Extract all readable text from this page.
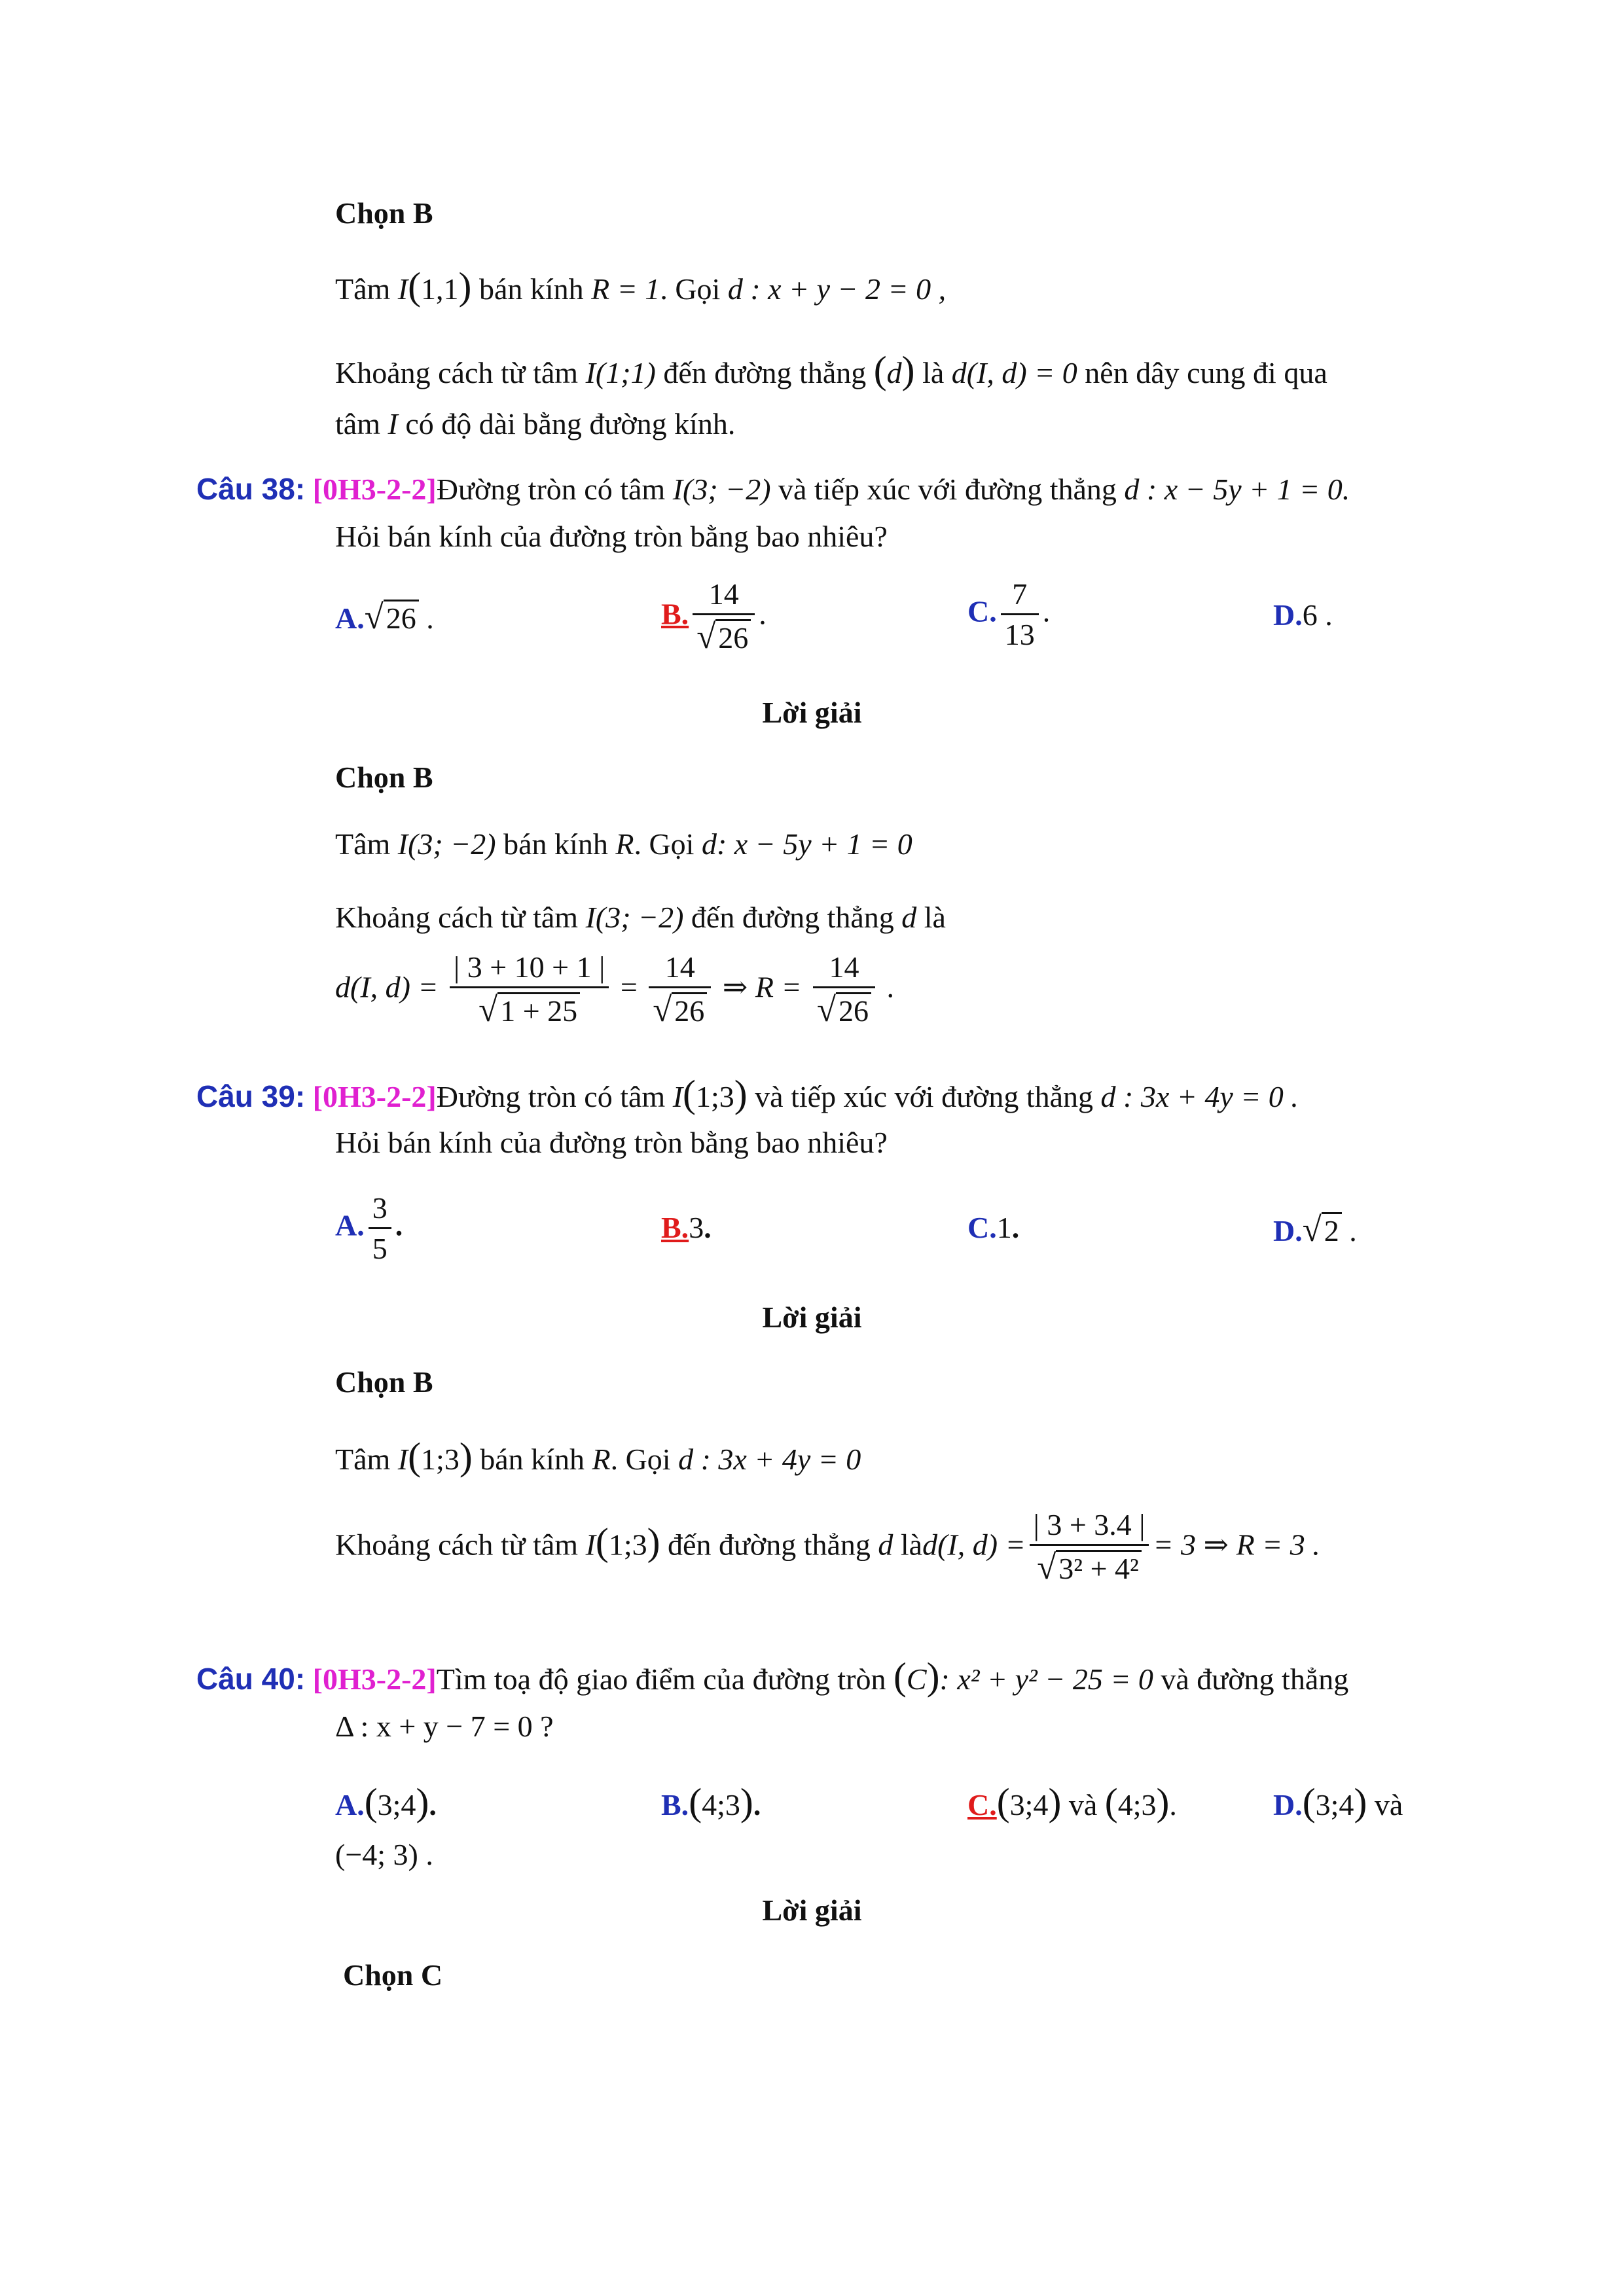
Chọn B
Tâm I(1,1) bán kính R = 1. Gọi d : x + y − 2 = 0 ,
Khoảng cách từ tâm I(1;1) đến đường thẳng (d) là d(I, d) = 0 nên dây cung đi qua
tâm I có độ dài bằng đường kính.
Câu 38: [0H3-2-2]Đường tròn có tâm I(3; −2) và tiếp xúc với đường thẳng d : x − 5y + 1 = 0.
Hỏi bán kính của đường tròn bằng bao nhiêu?
A.√26 .	B. $\frac{14}{√26}$ .	C. $\frac{7}{13}$ .	D.6 .
Lời giải
Chọn B
Tâm I(3; −2) bán kính R. Gọi d: x − 5y + 1 = 0
Khoảng cách từ tâm I(3; −2) đến đường thẳng d là
d(I, $d) = \frac{| 3 + 10 + 1 |}{√1 + 25} = \frac{14}{√26}$ ⇒ $R = \frac{14}{√26}$ .
Câu 39: [0H3-2-2]Đường tròn có tâm I(1;3) và tiếp xúc với đường thẳng d : 3x + 4y = 0 .
Hỏi bán kính của đường tròn bằng bao nhiêu?
A. $\frac{3}{5}$ .	B.3.	C.1.	D.√2 .
Lời giải
Chọn B
Tâm I(1;3) bán kính R. Gọi d : 3x + 4y = 0
Khoảng cách từ tâm I(1;3) đến đường thẳng d làd(I, $d) = \frac{| 3 + 3.4 |}{\text{√3² + 4²}} = 3$ ⇒ R = 3 .
Câu 40: [0H3-2-2]Tìm toạ độ giao điểm của đường tròn (C): x² + y² − 25 = 0 và đường thẳng
Δ : x + y − 7 = 0 ?
A.(3;4).	B.(4;3).	C.(3;4) và (4;3).	D.(3;4) và
(−4; 3) .
Lời giải
Chọn C
